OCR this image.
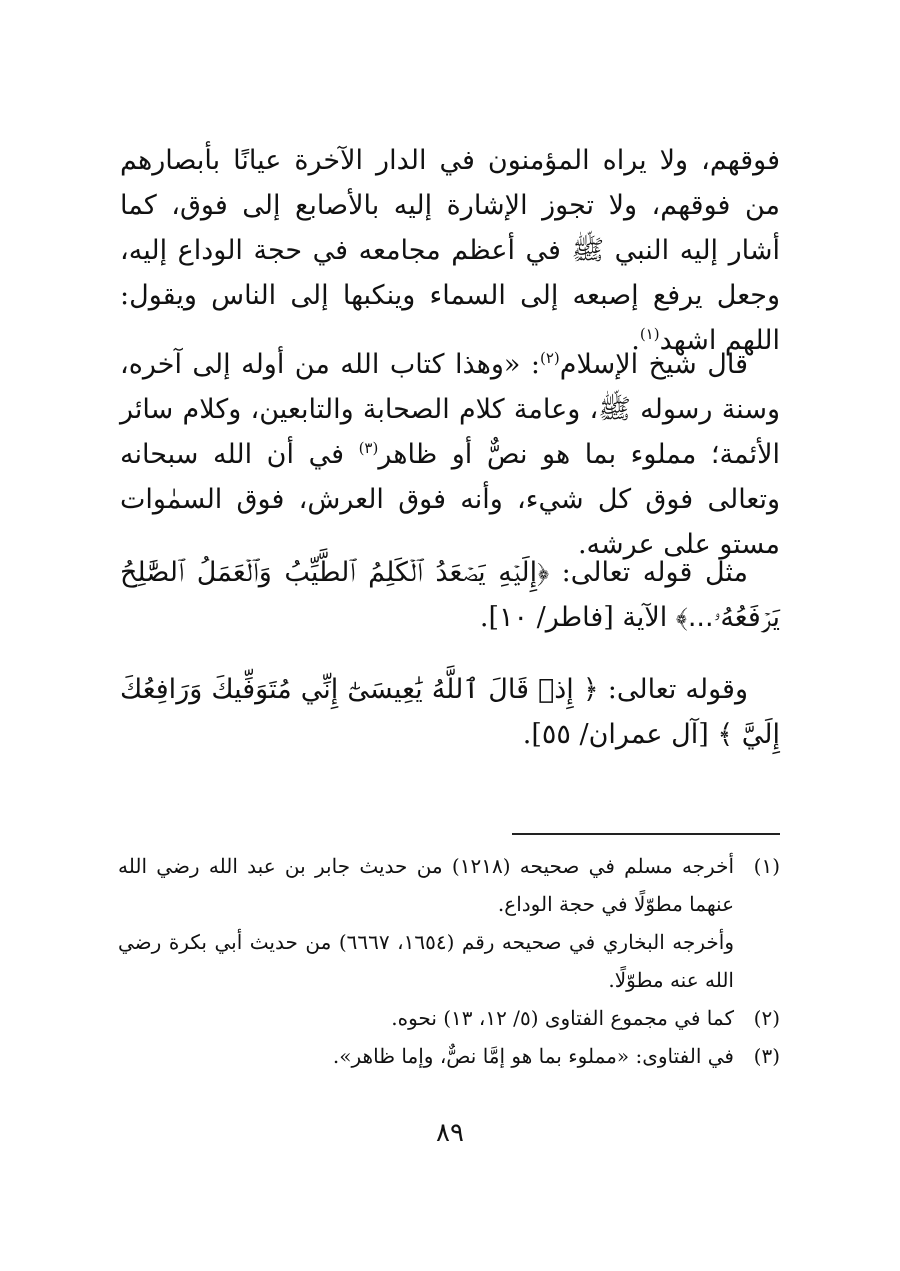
فوقهم، ولا يراه المؤمنون في الدار الآخرة عيانًا بأبصارهم من فوقهم، ولا تجوز الإشارة إليه بالأصابع إلى فوق، كما أشار إليه النبي ﷺ في أعظم مجامعه في حجة الوداع إليه، وجعل يرفع إصبعه إلى السماء وينكبها إلى الناس ويقول: اللهم اشهد$^{(١)}$.

قال شيخ الإسلام$^{(٢)}$: «وهذا كتاب الله من أوله إلى آخره، وسنة رسوله ﷺ، وعامة كلام الصحابة والتابعين، وكلام سائر الأئمة؛ مملوء بما هو نصٌّ أو ظاهر$^{(٣)}$ في أن الله سبحانه وتعالى فوق كل شيء، وأنه فوق العرش، فوق السمٰوات مستو على عرشه.

مثل قوله تعالى: ﴿إِلَيۡهِ يَصۡعَدُ ٱلۡكَلِمُ ٱلطَّيِّبُ وَٱلۡعَمَلُ ٱلصَّٰلِحُ يَرۡفَعُهُۥ...﴾ الآية [فاطر/ ١٠].

وقوله تعالى: ﴿ إِذۡ قَالَ ٱللَّهُ يَٰعِيسَىٰٓ إِنِّي مُتَوَفِّيكَ وَرَافِعُكَ إِلَيَّ ﴾ [آل عمران/ ٥٥].

(١)
أخرجه مسلم في صحيحه (١٢١٨) من حديث جابر بن عبد الله رضي الله عنهما مطوّلًا في حجة الوداع.
وأخرجه البخاري في صحيحه رقم (١٦٥٤، ٦٦٦٧) من حديث أبي بكرة رضي الله عنه مطوّلًا.
(٢)
كما في مجموع الفتاوى (٥/ ١٢، ١٣) نحوه.
(٣)
في الفتاوى: «مملوء بما هو إمَّا نصٌّ، وإما ظاهر».
٨٩
